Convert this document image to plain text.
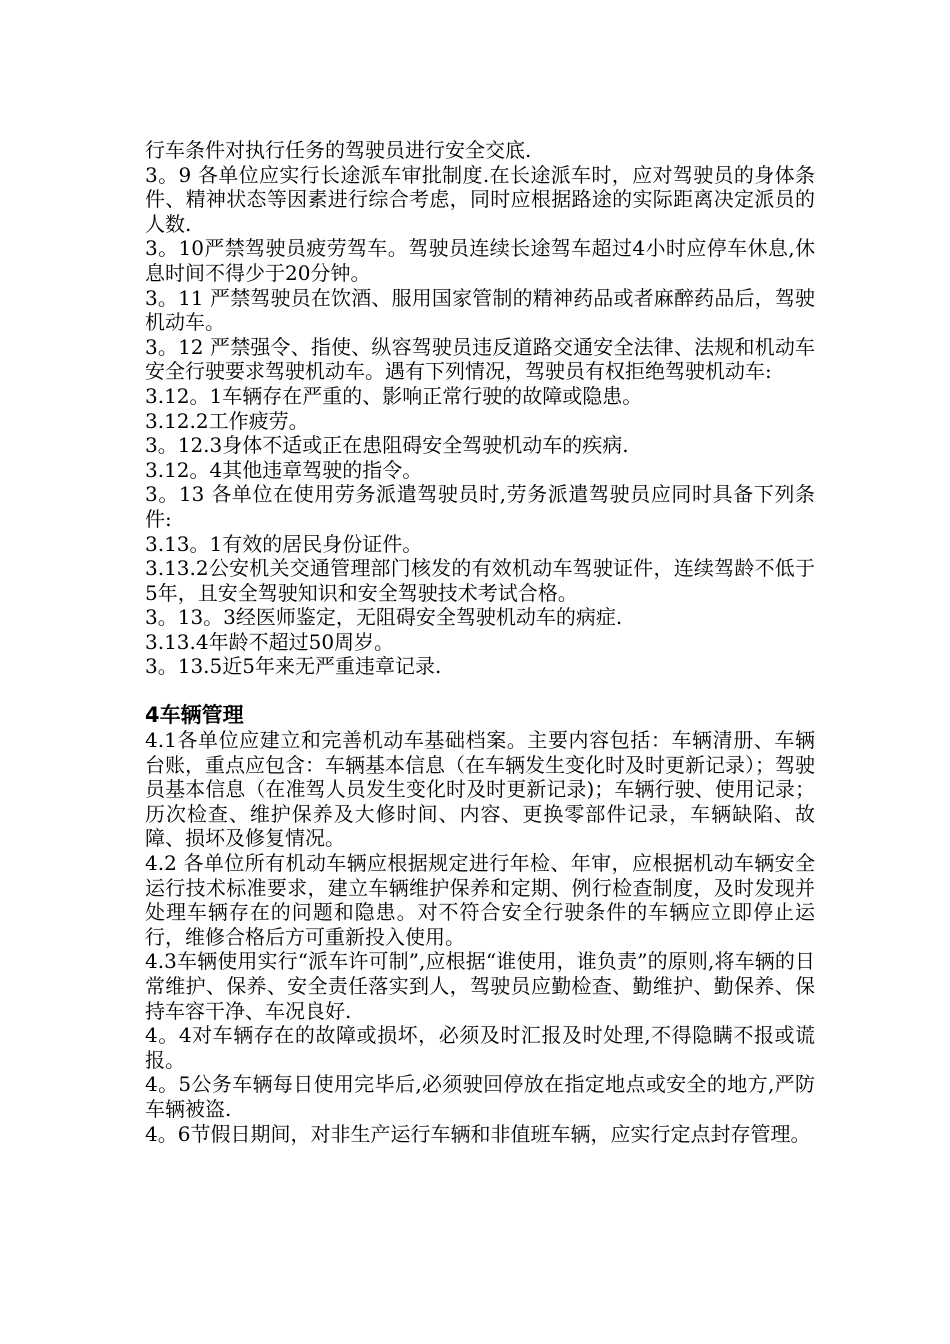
行车条件对执行任务的驾驶员进行安全交底.

3。9 各单位应实行长途派车审批制度.在长途派车时，应对驾驶员的身体条件、精神状态等因素进行综合考虑，同时应根据路途的实际距离决定派员的人数.

3。10严禁驾驶员疲劳驾车。驾驶员连续长途驾车超过4小时应停车休息,休息时间不得少于20分钟。

3。11 严禁驾驶员在饮酒、服用国家管制的精神药品或者麻醉药品后，驾驶机动车。

3。12 严禁强令、指使、纵容驾驶员违反道路交通安全法律、法规和机动车安全行驶要求驾驶机动车。遇有下列情况，驾驶员有权拒绝驾驶机动车:

3.12。1车辆存在严重的、影响正常行驶的故障或隐患。

3.12.2工作疲劳。

3。12.3身体不适或正在患阻碍安全驾驶机动车的疾病.

3.12。4其他违章驾驶的指令。

3。13 各单位在使用劳务派遣驾驶员时,劳务派遣驾驶员应同时具备下列条件:

3.13。1有效的居民身份证件。

3.13.2公安机关交通管理部门核发的有效机动车驾驶证件，连续驾龄不低于5年，且安全驾驶知识和安全驾驶技术考试合格。

3。13。3经医师鉴定，无阻碍安全驾驶机动车的病症.

3.13.4年龄不超过50周岁。

3。13.5近5年来无严重违章记录.

4车辆管理

4.1各单位应建立和完善机动车基础档案。主要内容包括：车辆清册、车辆台账，重点应包含：车辆基本信息（在车辆发生变化时及时更新记录）；驾驶员基本信息（在准驾人员发生变化时及时更新记录)；车辆行驶、使用记录；历次检查、维护保养及大修时间、内容、更换零部件记录，车辆缺陷、故障、损坏及修复情况。

4.2 各单位所有机动车辆应根据规定进行年检、年审，应根据机动车辆安全运行技术标准要求，建立车辆维护保养和定期、例行检查制度，及时发现并处理车辆存在的问题和隐患。对不符合安全行驶条件的车辆应立即停止运行，维修合格后方可重新投入使用。

4.3车辆使用实行“派车许可制”,应根据“谁使用，谁负责”的原则,将车辆的日常维护、保养、安全责任落实到人，驾驶员应勤检查、勤维护、勤保养、保持车容干净、车况良好.

4。4对车辆存在的故障或损坏，必须及时汇报及时处理,不得隐瞒不报或谎报。

4。5公务车辆每日使用完毕后,必须驶回停放在指定地点或安全的地方,严防车辆被盗.

4。6节假日期间，对非生产运行车辆和非值班车辆，应实行定点封存管理。
